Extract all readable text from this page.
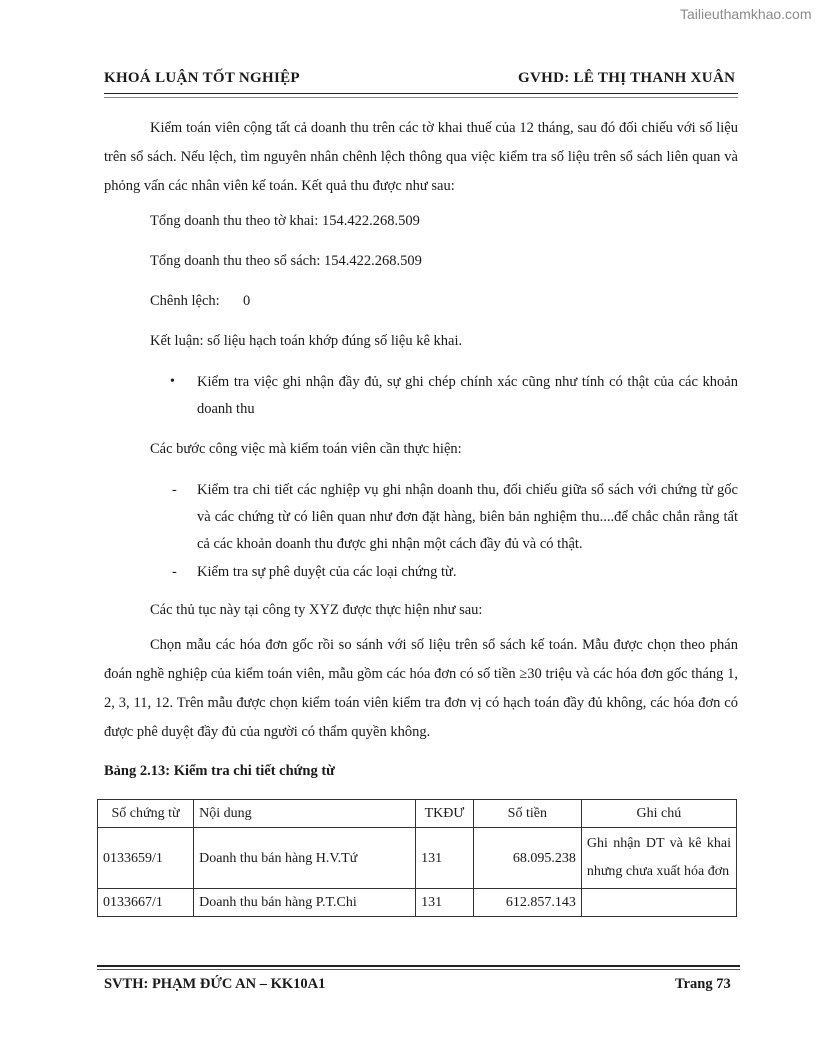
Tailieuthamkhao.com
KHOÁ LUẬN TỐT NGHIỆP	GVHD: LÊ THỊ THANH XUÂN
Kiểm toán viên cộng tất cả doanh thu trên các tờ khai thuế của 12 tháng, sau đó đối chiếu với số liệu trên sổ sách. Nếu lệch, tìm nguyên nhân chênh lệch thông qua việc kiểm tra số liệu trên sổ sách liên quan và phỏng vấn các nhân viên kế toán. Kết quả thu được như sau:
Tổng doanh thu theo tờ khai: 154.422.268.509
Tổng doanh thu theo sổ sách: 154.422.268.509
Chênh lệch: 0
Kết luận: số liệu hạch toán khớp đúng số liệu kê khai.
• Kiểm tra việc ghi nhận đầy đủ, sự ghi chép chính xác cũng như tính có thật của các khoản doanh thu
Các bước công việc mà kiểm toán viên cần thực hiện:
- Kiểm tra chi tiết các nghiệp vụ ghi nhận doanh thu, đối chiếu giữa sổ sách với chứng từ gốc và các chứng từ có liên quan như đơn đặt hàng, biên bản nghiệm thu....để chắc chắn rằng tất cả các khoản doanh thu được ghi nhận một cách đầy đủ và có thật.
- Kiểm tra sự phê duyệt của các loại chứng từ.
Các thủ tục này tại công ty XYZ được thực hiện như sau:
Chọn mẫu các hóa đơn gốc rồi so sánh với số liệu trên sổ sách kế toán. Mẫu được chọn theo phán đoán nghề nghiệp của kiểm toán viên, mẫu gồm các hóa đơn có số tiền ≥30 triệu và các hóa đơn gốc tháng 1, 2, 3, 11, 12. Trên mẫu được chọn kiểm toán viên kiểm tra đơn vị có hạch toán đầy đủ không, các hóa đơn có được phê duyệt đầy đủ của người có thẩm quyền không.
Bảng 2.13: Kiểm tra chi tiết chứng từ
Số chứng từ	Nội dung	TKĐƯ	Số tiền	Ghi chú
0133659/1	Doanh thu bán hàng H.V.Tứ	131	68.095.238	Ghi nhận DT và kê khai nhưng chưa xuất hóa đơn
0133667/1	Doanh thu bán hàng P.T.Chi	131	612.857.143	
SVTH: PHẠM ĐỨC AN – KK10A1	Trang 73
